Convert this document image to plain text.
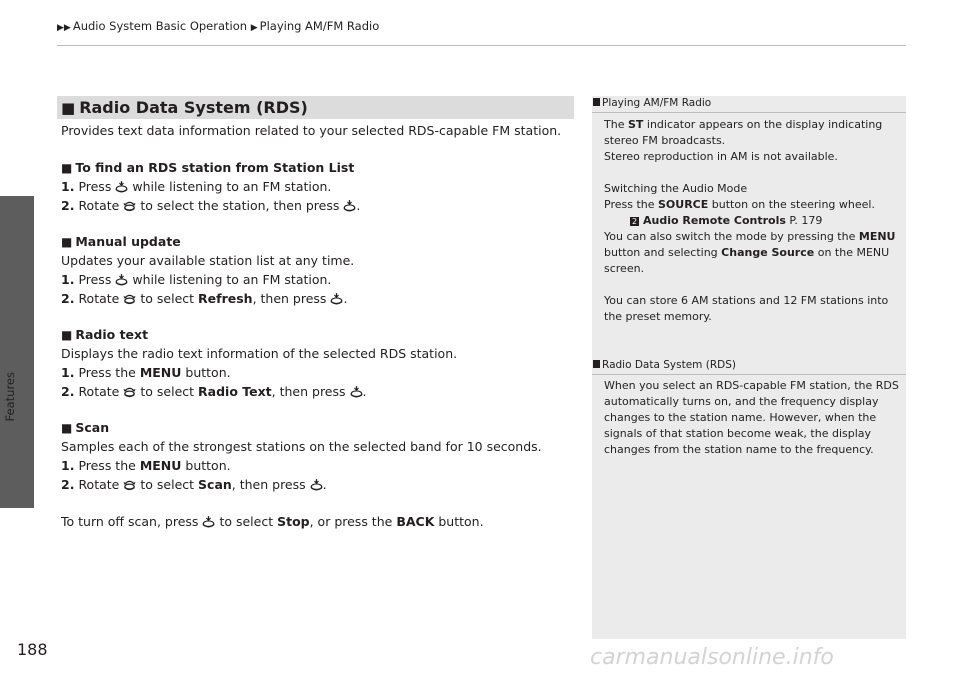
▶▶ Audio System Basic Operation ▶ Playing AM/FM Radio
Features
188
■ Radio Data System (RDS)
Provides text data information related to your selected RDS-capable FM station.
■ To find an RDS station from Station List
1. Press while listening to an FM station.
2. Rotate to select the station, then press .
■ Manual update
Updates your available station list at any time.
1. Press while listening to an FM station.
2. Rotate to select Refresh, then press .
■ Radio text
Displays the radio text information of the selected RDS station.
1. Press the MENU button.
2. Rotate to select Radio Text, then press .
■ Scan
Samples each of the strongest stations on the selected band for 10 seconds.
1. Press the MENU button.
2. Rotate to select Scan, then press .
To turn off scan, press to select Stop, or press the BACK button.
Playing AM/FM Radio
The ST indicator appears on the display indicating
stereo FM broadcasts.
Stereo reproduction in AM is not available.
Switching the Audio Mode
Press the SOURCE button on the steering wheel.
2 Audio Remote Controls P. 179
You can also switch the mode by pressing the MENU
button and selecting Change Source on the MENU
screen.
You can store 6 AM stations and 12 FM stations into
the preset memory.
Radio Data System (RDS)
When you select an RDS-capable FM station, the RDS
automatically turns on, and the frequency display
changes to the station name. However, when the
signals of that station become weak, the display
changes from the station name to the frequency.
carmanualsonline.info
